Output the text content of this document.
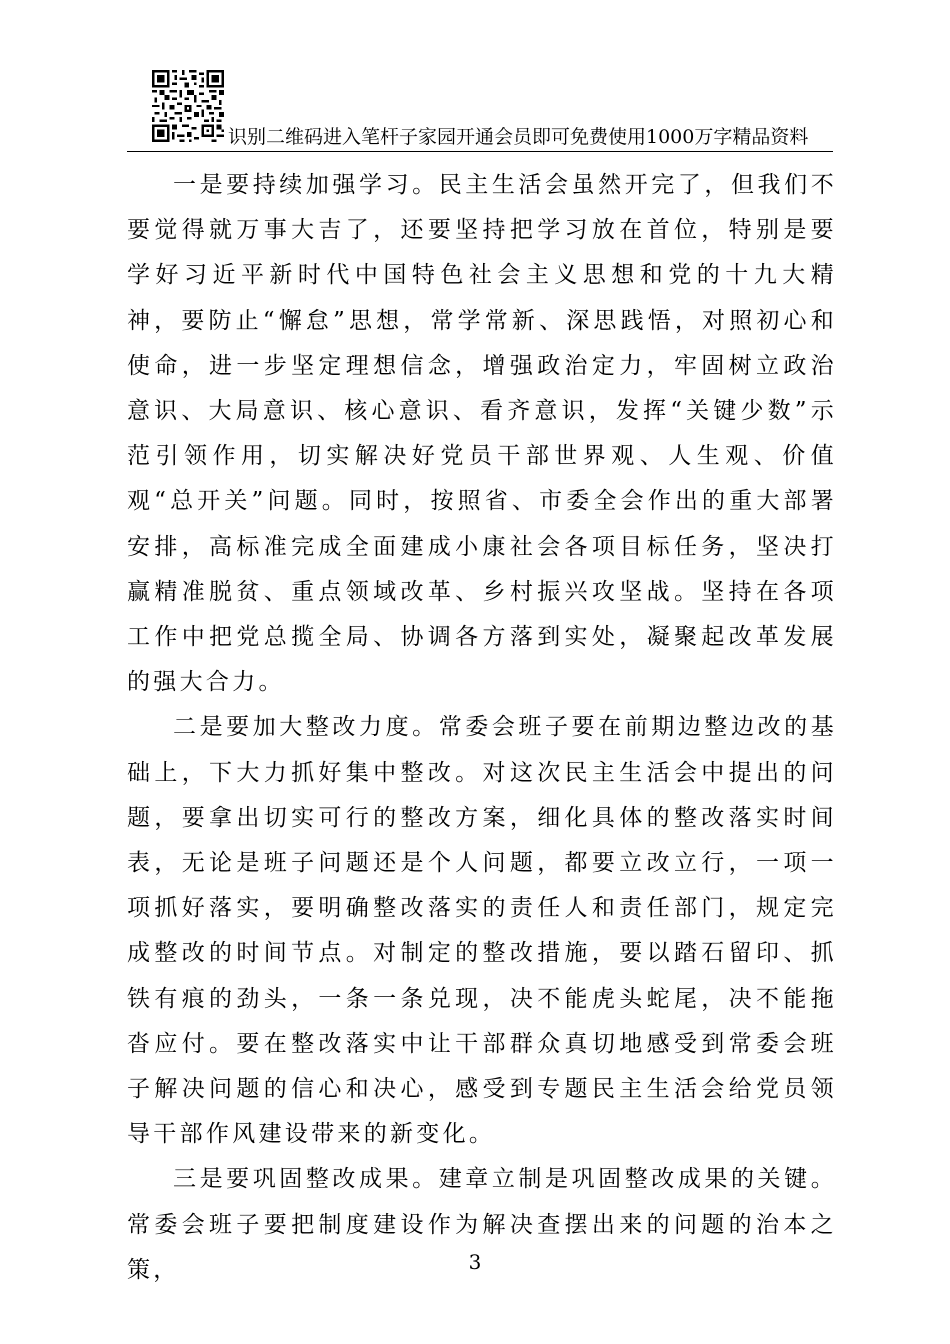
识别二维码进入笔杆子家园开通会员即可免费使用1000万字精品资料

一是要持续加强学习。民主生活会虽然开完了，但我们不要觉得就万事大吉了，还要坚持把学习放在首位，特别是要学好习近平新时代中国特色社会主义思想和党的十九大精神，要防止“懈怠”思想，常学常新、深思践悟，对照初心和使命，进一步坚定理想信念，增强政治定力，牢固树立政治意识、大局意识、核心意识、看齐意识，发挥“关键少数”示范引领作用，切实解决好党员干部世界观、人生观、价值观“总开关”问题。同时，按照省、市委全会作出的重大部署安排，高标准完成全面建成小康社会各项目标任务，坚决打赢精准脱贫、重点领域改革、乡村振兴攻坚战。坚持在各项工作中把党总揽全局、协调各方落到实处，凝聚起改革发展的强大合力。

二是要加大整改力度。常委会班子要在前期边整边改的基础上，下大力抓好集中整改。对这次民主生活会中提出的问题，要拿出切实可行的整改方案，细化具体的整改落实时间表，无论是班子问题还是个人问题，都要立改立行，一项一项抓好落实，要明确整改落实的责任人和责任部门，规定完成整改的时间节点。对制定的整改措施，要以踏石留印、抓铁有痕的劲头，一条一条兑现，决不能虎头蛇尾，决不能拖沓应付。要在整改落实中让干部群众真切地感受到常委会班子解决问题的信心和决心，感受到专题民主生活会给党员领导干部作风建设带来的新变化。

三是要巩固整改成果。建章立制是巩固整改成果的关键。常委会班子要把制度建设作为解决查摆出来的问题的治本之策，	3
